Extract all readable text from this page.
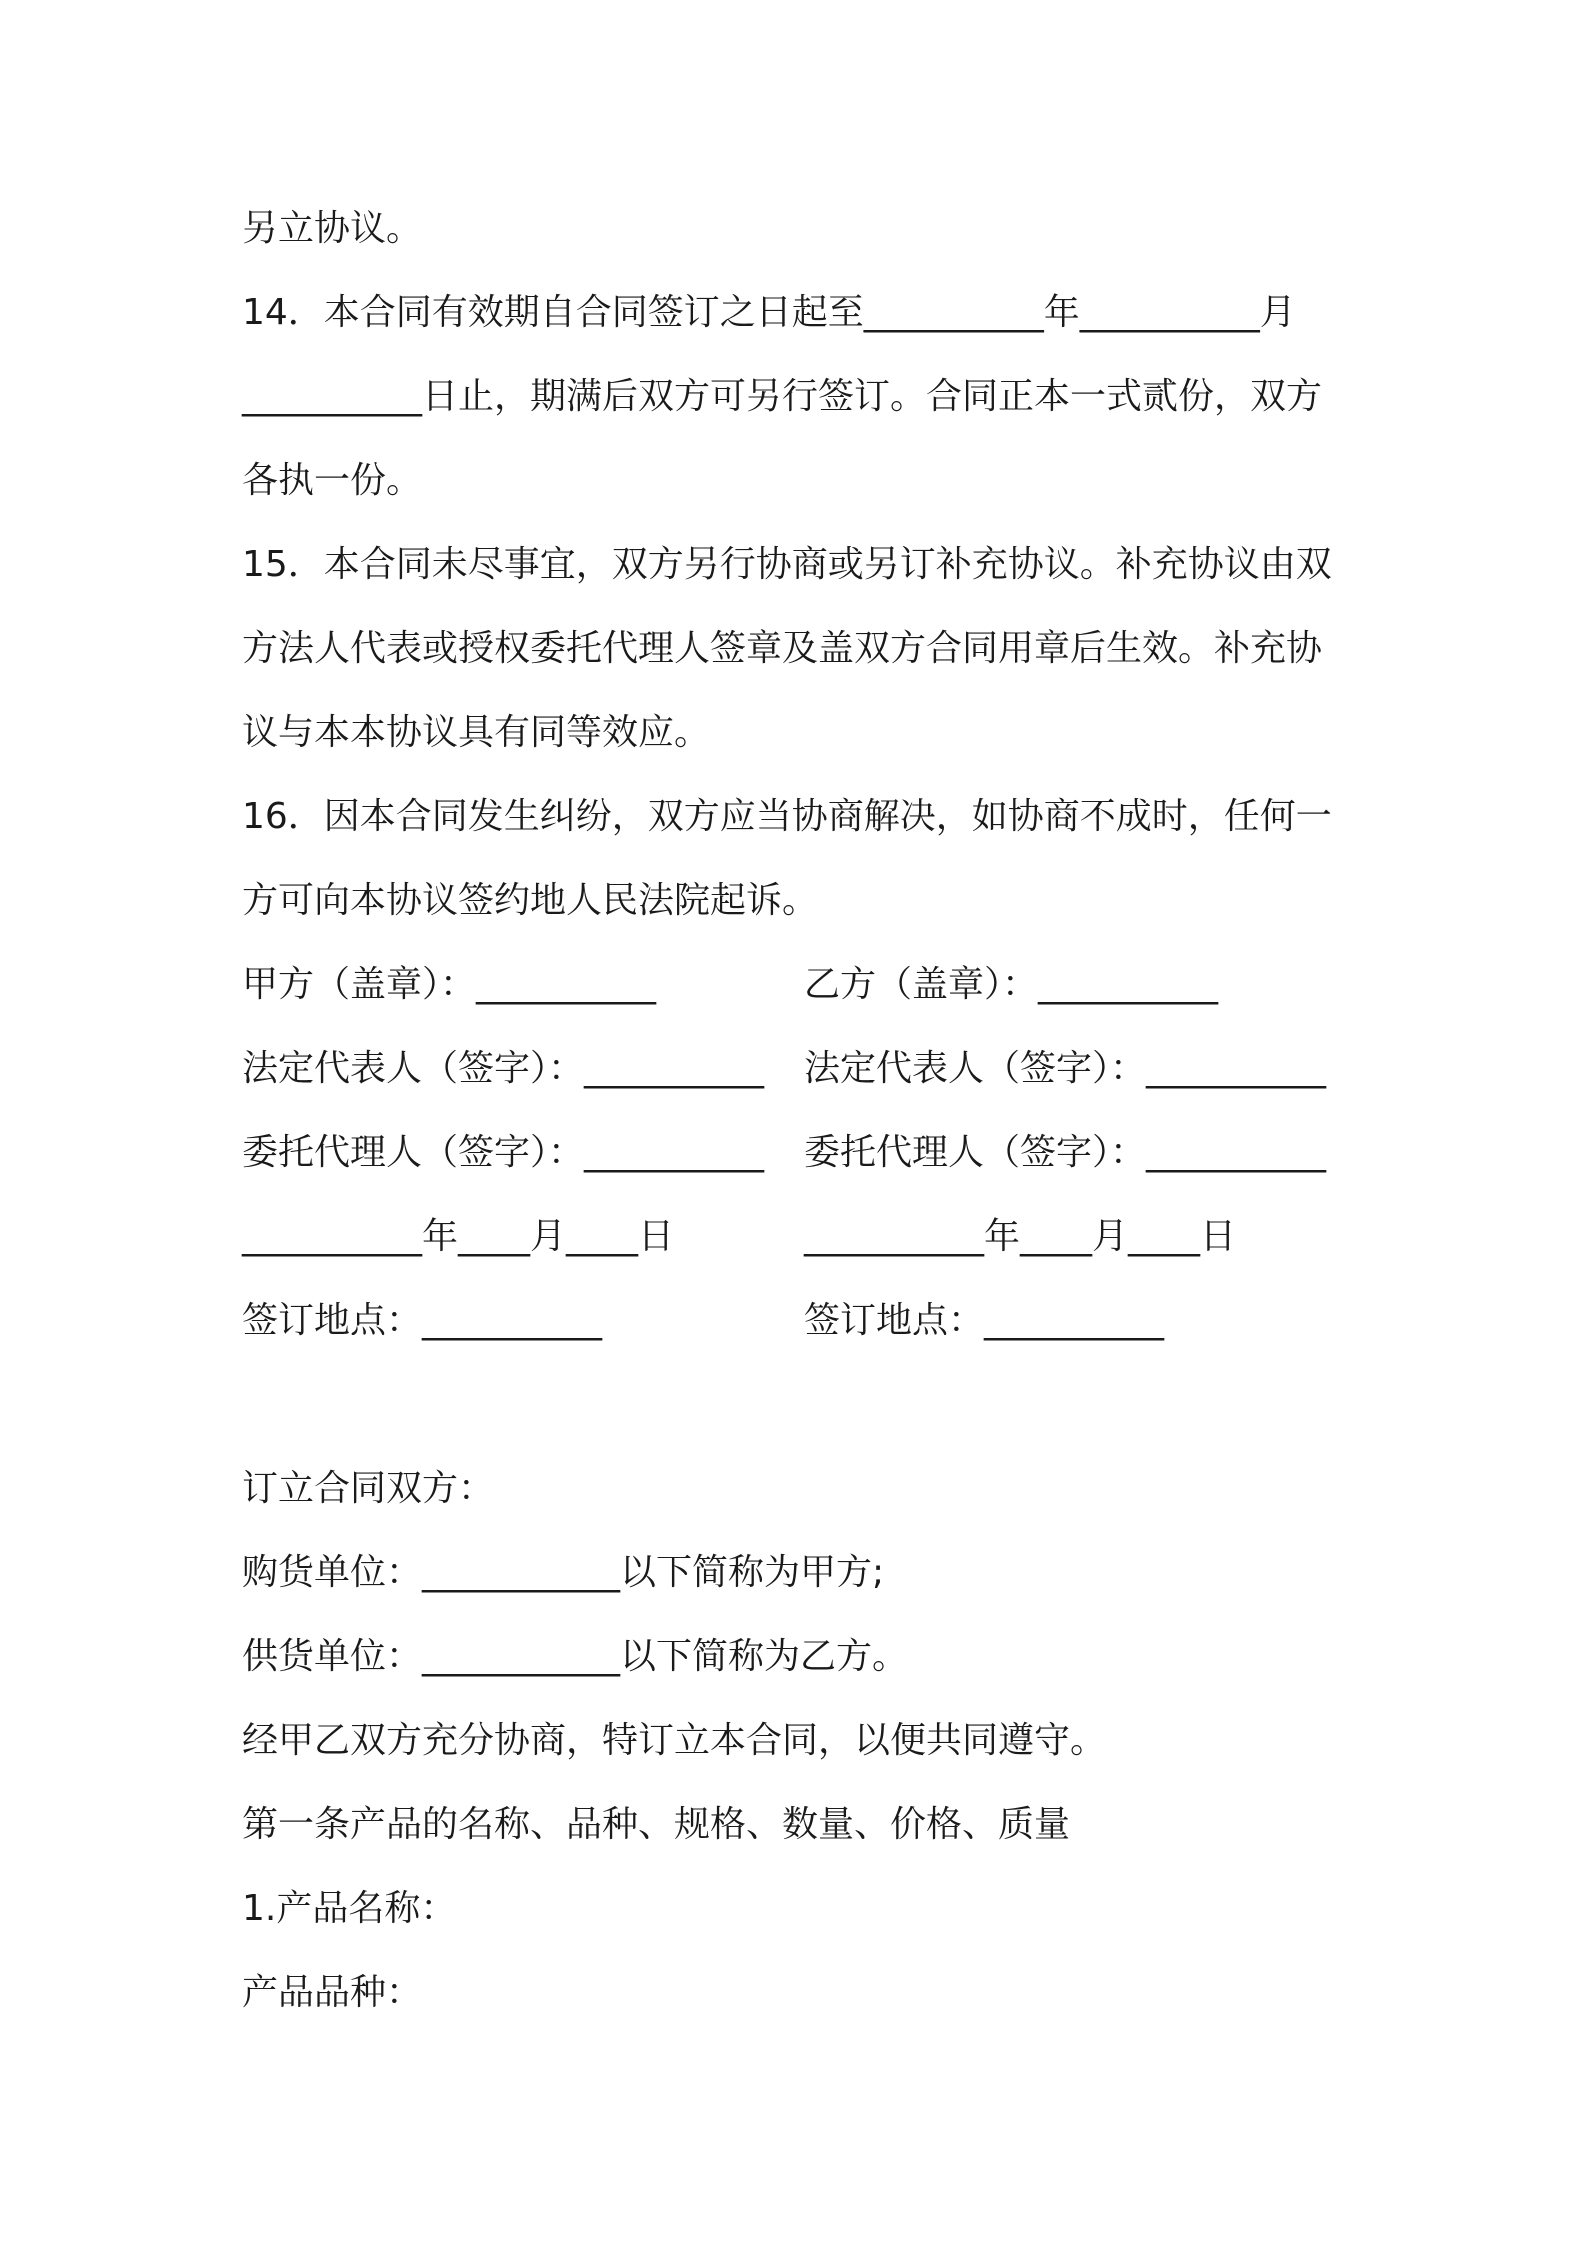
另立协议。
14．本合同有效期自合同签订之日起至__________年__________月
__________日止，期满后双方可另行签订。合同正本一式贰份，双方
各执一份。
15．本合同未尽事宜，双方另行协商或另订补充协议。补充协议由双
方法人代表或授权委托代理人签章及盖双方合同用章后生效。补充协
议与本本协议具有同等效应。
16．因本合同发生纠纷，双方应当协商解决，如协商不成时，任何一
方可向本协议签约地人民法院起诉。
甲方（盖章）：__________	乙方（盖章）：__________
法定代表人（签字）：__________ 法定代表人（签字）：__________
委托代理人（签字）：__________ 委托代理人（签字）：__________
__________年____月____日	__________年____月____日
签订地点：__________	签订地点：__________
订立合同双方：
购货单位：___________以下简称为甲方;
供货单位：___________以下简称为乙方。
经甲乙双方充分协商，特订立本合同，以便共同遵守。
第一条产品的名称、品种、规格、数量、价格、质量
1.产品名称：
产品品种：
